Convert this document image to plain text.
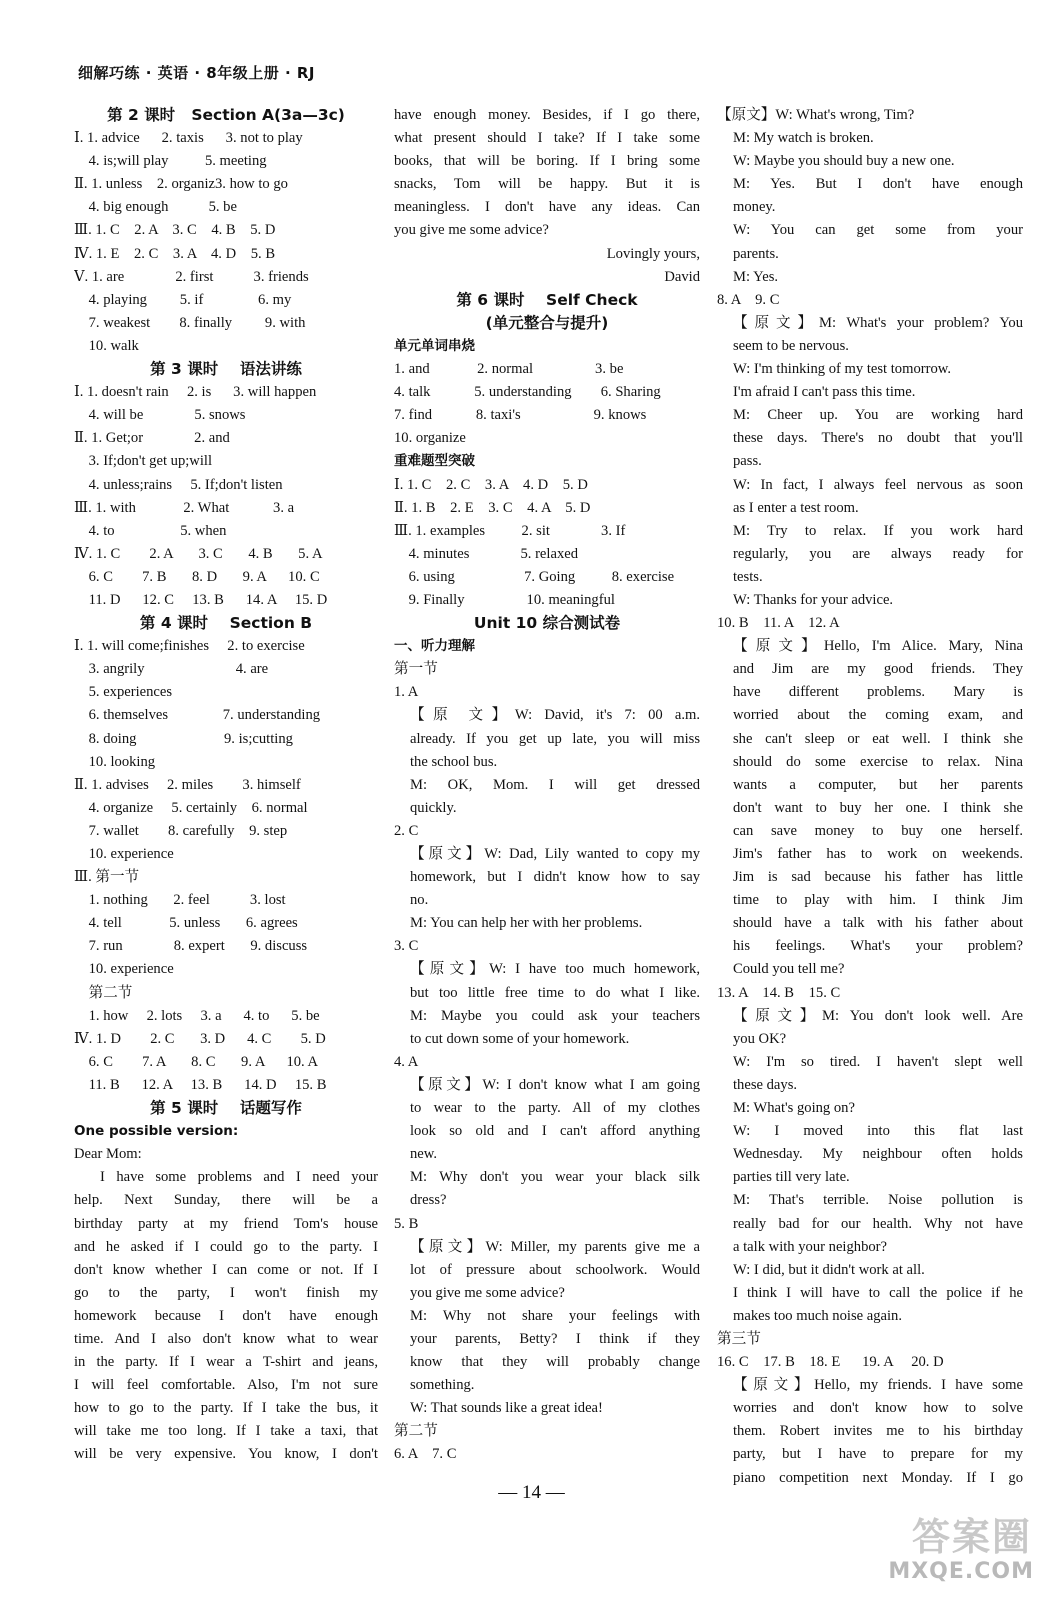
细解巧练 · 英语 · 8年级上册 · RJ
第 2 课时   Section A(3a—3c)
Ⅰ. 1. advice      2. taxis      3. not to play
4. is;will play          5. meeting
Ⅱ. 1. unless    2. organiz3. how to go
4. big enough           5. be
Ⅲ. 1. C    2. A    3. C    4. B    5. D
Ⅳ. 1. E    2. C    3. A    4. D    5. B
Ⅴ. 1. are              2. first           3. friends
4. playing         5. if               6. my
7. weakest        8. finally         9. with
10. walk
第 3 课时    语法讲练
Ⅰ. 1. doesn't rain     2. is      3. will happen
4. will be              5. snows
Ⅱ. 1. Get;or              2. and
3. If;don't get up;will
4. unless;rains     5. If;don't listen
Ⅲ. 1. with             2. What            3. a
4. to                  5. when
Ⅳ. 1. C        2. A       3. C       4. B       5. A
6. C        7. B       8. D       9. A      10. C
11. D      12. C     13. B      14. A     15. D
第 4 课时    Section B
Ⅰ. 1. will come;finishes     2. to exercise
3. angrily                         4. are
5. experiences
6. themselves               7. understanding
8. doing                        9. is;cutting
10. looking
Ⅱ. 1. advises     2. miles        3. himself
4. organize     5. certainly    6. normal
7. wallet        8. carefully    9. step
10. experience
Ⅲ. 第一节
1. nothing       2. feel           3. lost
4. tell             5. unless       6. agrees
7. run              8. expert       9. discuss
10. experience
第二节
1. how     2. lots     3. a      4. to      5. be
Ⅳ. 1. D        2. C       3. D      4. C        5. D
6. C        7. A       8. C       9. A      10. A
11. B      12. A     13. B      14. D     15. B
第 5 课时    话题写作
One possible version:
Dear Mom:
I have some problems and I need your
help. Next Sunday, there will be a
birthday party at my friend Tom's house
and he asked if I could go to the party. I
don't know whether I can come or not. If I
go to the party, I won't finish my
homework because I don't have enough
time. And I also don't know what to wear
in the party. If I wear a T-shirt and jeans,
I will feel comfortable. Also, I'm not sure
how to go to the party. If I take the bus, it
will take me too long. If I take a taxi, that
will be very expensive. You know, I don't
have enough money. Besides, if I go there,
what present should I take? If I take some
books, that will be boring. If I bring some
snacks, Tom will be happy. But it is
meaningless. I don't have any ideas. Can
you give me some advice?
Lovingly yours,
David
第 6 课时    Self Check
(单元整合与提升)
单元单词串烧
1. and             2. normal                 3. be
4. talk            5. understanding        6. Sharing
7. find            8. taxi's                    9. knows
10. organize
重难题型突破
Ⅰ. 1. C    2. C    3. A    4. D    5. D
Ⅱ. 1. B    2. E    3. C    4. A    5. D
Ⅲ. 1. examples          2. sit              3. If
4. minutes              5. relaxed
6. using                   7. Going          8. exercise
9. Finally                 10. meaningful
Unit 10 综合测试卷
一、听力理解
第一节
1. A
【原 文】W: David, it's 7: 00 a.m.
already. If you get up late, you will miss
the school bus.
M: OK, Mom. I will get dressed
quickly.
2. C
【原文】W: Dad, Lily wanted to copy my
homework, but I didn't know how to say
no.
M: You can help her with her problems.
3. C
【原文】W: I have too much homework,
but too little free time to do what I like.
M: Maybe you could ask your teachers
to cut down some of your homework.
4. A
【原文】W: I don't know what I am going
to wear to the party. All of my clothes
look so old and I can't afford anything
new.
M: Why don't you wear your black silk
dress?
5. B
【原文】W: Miller, my parents give me a
lot of pressure about schoolwork. Would
you give me some advice?
M: Why not share your feelings with
your parents, Betty? I think if they
know that they will probably change
something.
W: That sounds like a great idea!
第二节
6. A    7. C
【原文】W: What's wrong, Tim?
M: My watch is broken.
W: Maybe you should buy a new one.
M: Yes. But I don't have enough
money.
W: You can get some from your
parents.
M: Yes.
8. A    9. C
【原文】M: What's your problem? You
seem to be nervous.
W: I'm thinking of my test tomorrow.
I'm afraid I can't pass this time.
M: Cheer up. You are working hard
these days. There's no doubt that you'll
pass.
W: In fact, I always feel nervous as soon
as I enter a test room.
M: Try to relax. If you work hard
regularly, you are always ready for
tests.
W: Thanks for your advice.
10. B    11. A    12. A
【原文】Hello, I'm Alice. Mary, Nina
and Jim are my good friends. They
have different problems. Mary is
worried about the coming exam, and
she can't sleep or eat well. I think she
should do some exercise to relax. Nina
wants a computer, but her parents
don't want to buy her one. I think she
can save money to buy one herself.
Jim's father has to work on weekends.
Jim is sad because his father has little
time to play with him. I think Jim
should have a talk with his father about
his feelings. What's your problem?
Could you tell me?
13. A    14. B    15. C
【原文】M: You don't look well. Are
you OK?
W: I'm so tired. I haven't slept well
these days.
M: What's going on?
W: I moved into this flat last
Wednesday. My neighbour often holds
parties till very late.
M: That's terrible. Noise pollution is
really bad for our health. Why not have
a talk with your neighbor?
W: I did, but it didn't work at all.
I think I will have to call the police if he
makes too much noise again.
第三节
16. C    17. B    18. E      19. A     20. D
【原文】Hello, my friends. I have some
worries and don't know how to solve
them. Robert invites me to his birthday
party, but I have to prepare for my
piano competition next Monday. If I go
— 14 —
答案圈
MXQE.COM
